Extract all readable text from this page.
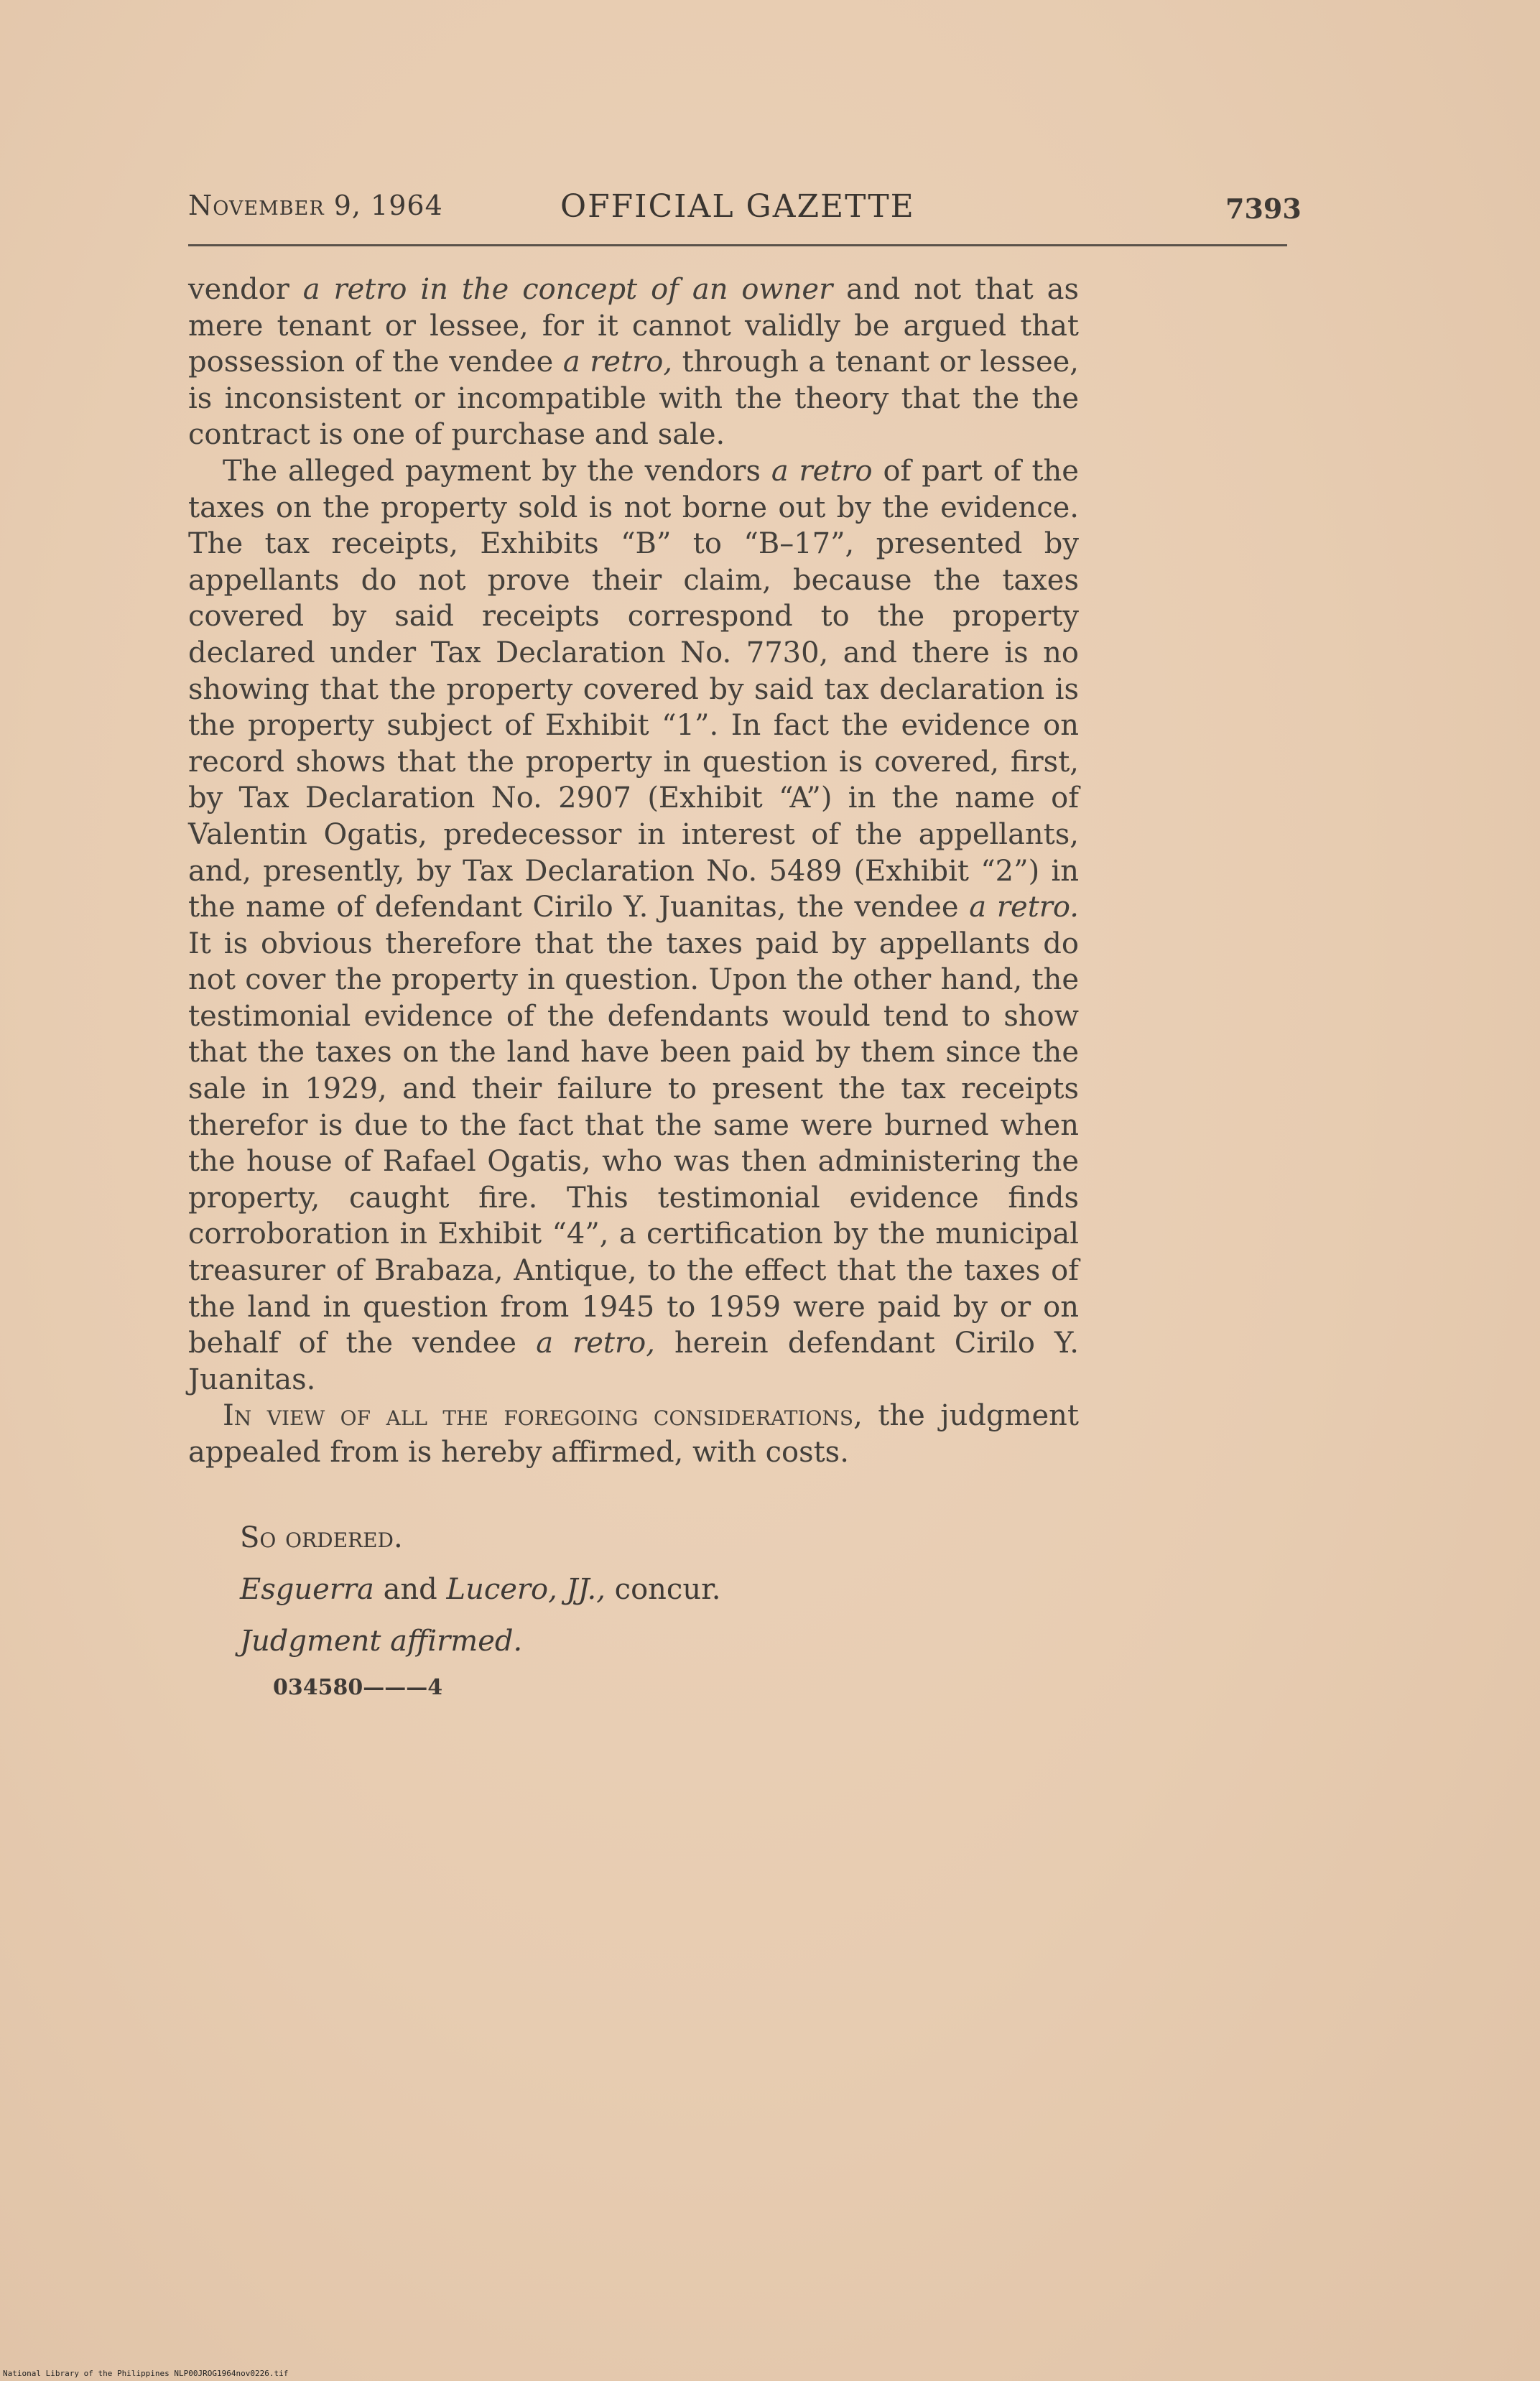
November 9, 1964	OFFICIAL GAZETTE	7393

vendor a retro in the concept of an owner and not that as mere tenant or lessee, for it cannot validly be argued that possession of the vendee a retro, through a tenant or lessee, is inconsistent or incompatible with the theory that the the contract is one of purchase and sale.

The alleged payment by the vendors a retro of part of the taxes on the property sold is not borne out by the evidence. The tax receipts, Exhibits “B” to “B–17”, presented by appellants do not prove their claim, because the taxes covered by said receipts correspond to the property declared under Tax Declaration No. 7730, and there is no showing that the property covered by said tax declaration is the property subject of Exhibit “1”. In fact the evidence on record shows that the property in question is covered, first, by Tax Declaration No. 2907 (Exhibit “A”) in the name of Valentin Ogatis, predecessor in interest of the appellants, and, presently, by Tax Declaration No. 5489 (Exhibit “2”) in the name of defendant Cirilo Y. Juanitas, the vendee a retro. It is obvious therefore that the taxes paid by appellants do not cover the property in question. Upon the other hand, the testimonial evidence of the defendants would tend to show that the taxes on the land have been paid by them since the sale in 1929, and their failure to present the tax receipts therefor is due to the fact that the same were burned when the house of Rafael Ogatis, who was then administering the property, caught fire. This testimonial evidence finds corroboration in Exhibit “4”, a certification by the municipal treasurer of Brabaza, Antique, to the effect that the taxes of the land in question from 1945 to 1959 were paid by or on behalf of the vendee a retro, herein defendant Cirilo Y. Juanitas.

In view of all the foregoing considerations, the judgment appealed from is hereby affirmed, with costs.

So ordered.
Esguerra and Lucero, JJ., concur.
Judgment affirmed.
034580———4
National Library of the Philippines NLP00JROG1964nov0226.tif
